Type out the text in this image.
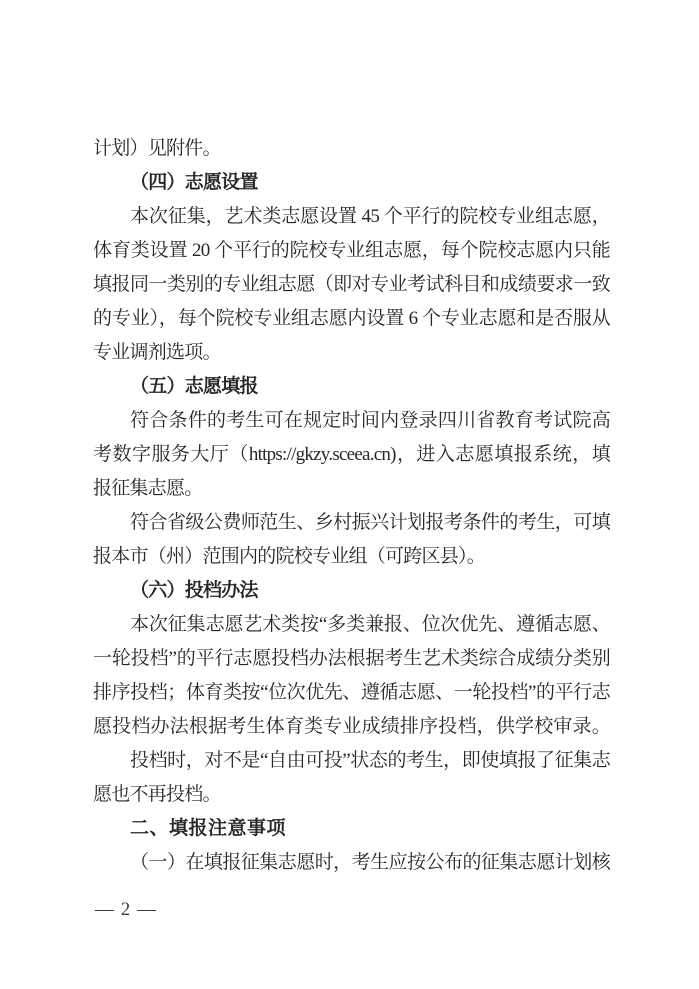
计划）见附件。
（四）志愿设置
本次征集，艺术类志愿设置 45 个平行的院校专业组志愿，
体育类设置 20 个平行的院校专业组志愿，每个院校志愿内只能
填报同一类别的专业组志愿（即对专业考试科目和成绩要求一致
的专业），每个院校专业组志愿内设置 6 个专业志愿和是否服从
专业调剂选项。
（五）志愿填报
符合条件的考生可在规定时间内登录四川省教育考试院高
考数字服务大厅（https://gkzy.sceea.cn)，进入志愿填报系统，填
报征集志愿。
符合省级公费师范生、乡村振兴计划报考条件的考生，可填
报本市（州）范围内的院校专业组（可跨区县）。
（六）投档办法
本次征集志愿艺术类按“多类兼报、位次优先、遵循志愿、
一轮投档”的平行志愿投档办法根据考生艺术类综合成绩分类别
排序投档；体育类按“位次优先、遵循志愿、一轮投档”的平行志
愿投档办法根据考生体育类专业成绩排序投档，供学校审录。
投档时，对不是“自由可投”状态的考生，即使填报了征集志
愿也不再投档。
二、填报注意事项
（一）在填报征集志愿时，考生应按公布的征集志愿计划核
— 2 —
